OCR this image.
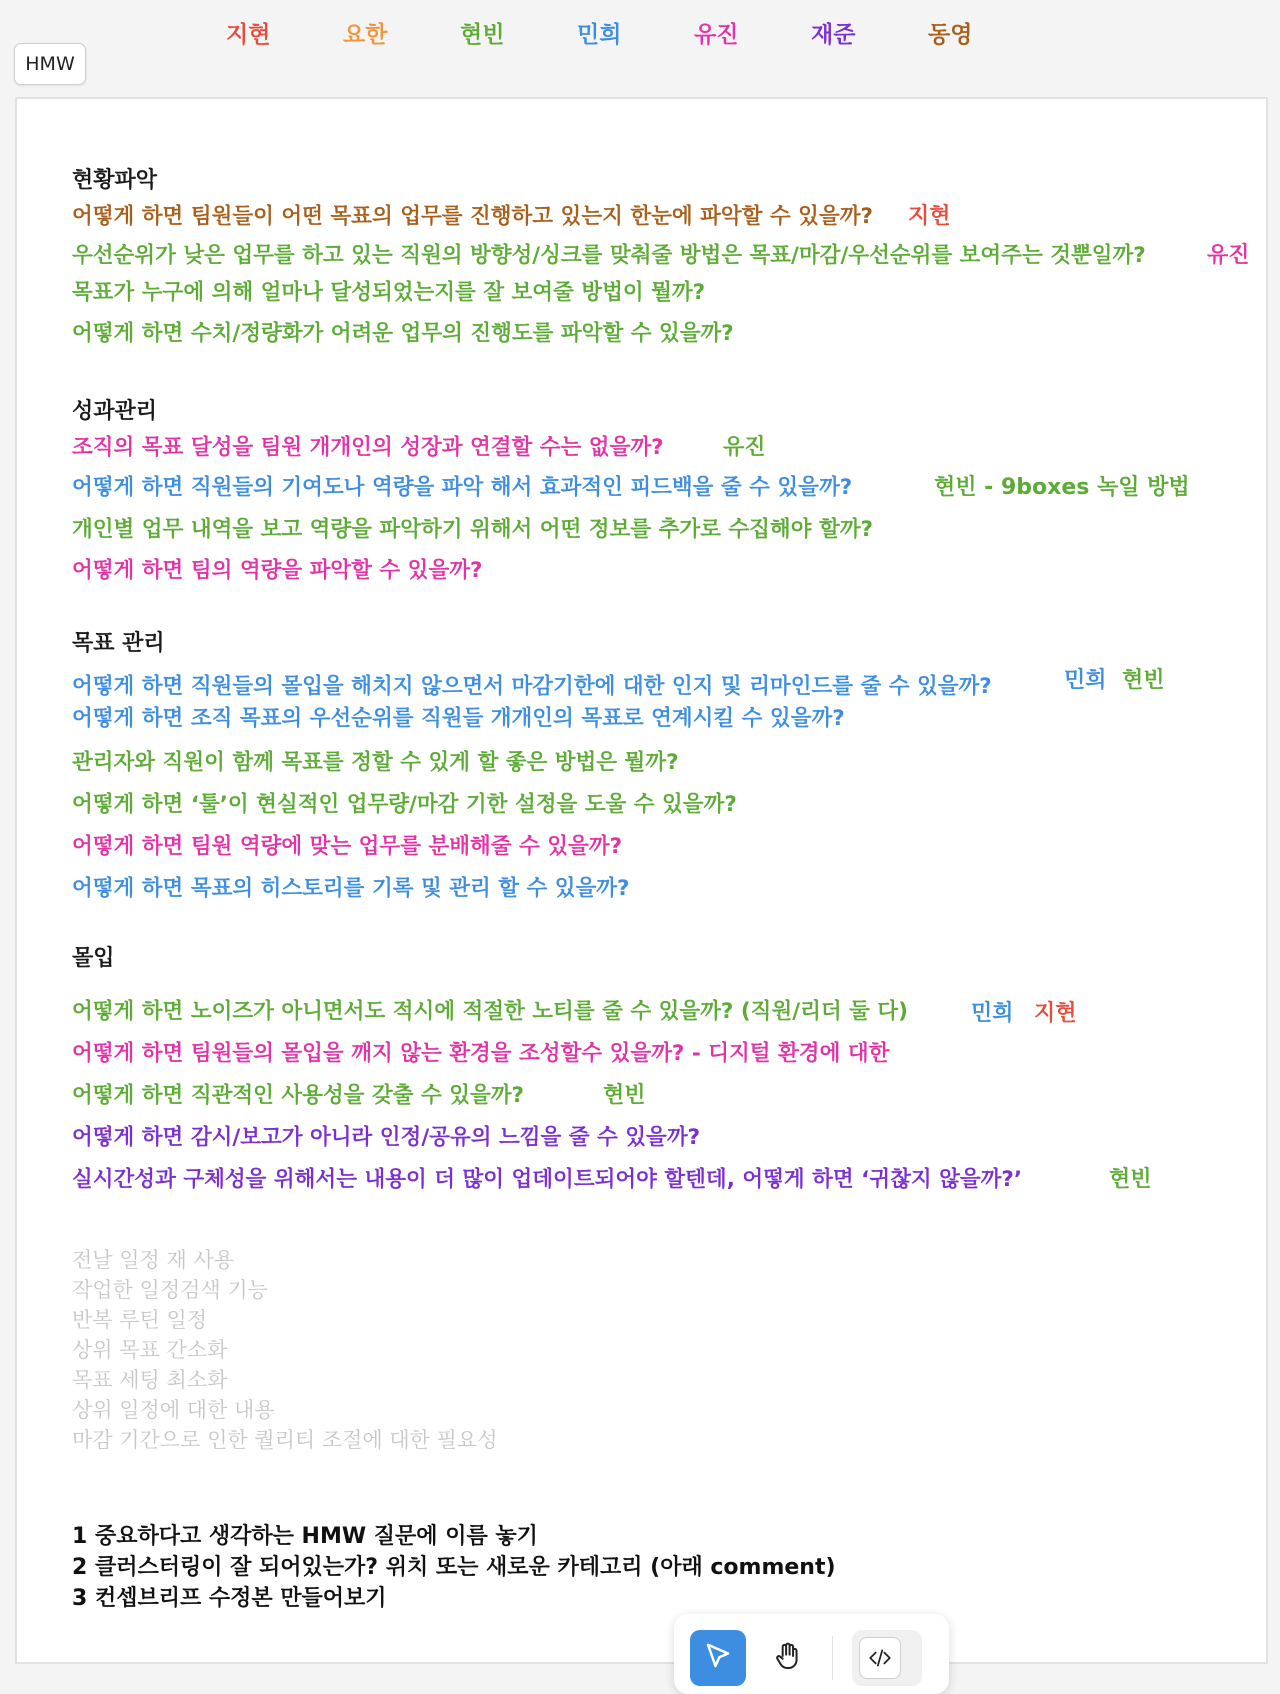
지현	요한	현빈	민희	유진	재준	동영
HMW
현황파악
어떻게 하면 팀원들이 어떤 목표의 업무를 진행하고 있는지 한눈에 파악할 수 있을까? 지현
우선순위가 낮은 업무를 하고 있는 직원의 방향성/싱크를 맞춰줄 방법은 목표/마감/우선순위를 보여주는 것뿐일까?	유진
목표가 누구에 의해 얼마나 달성되었는지를 잘 보여줄 방법이 뭘까?
어떻게 하면 수치/정량화가 어려운 업무의 진행도를 파악할 수 있을까?
성과관리
조직의 목표 달성을 팀원 개개인의 성장과 연결할 수는 없을까?	유진
어떻게 하면 직원들의 기여도나 역량을 파악 해서 효과적인 피드백을 줄 수 있을까?	현빈 - 9boxes 녹일 방법
개인별 업무 내역을 보고 역량을 파악하기 위해서 어떤 정보를 추가로 수집해야 할까?
어떻게 하면 팀의 역량을 파악할 수 있을까?
목표 관리
어떻게 하면 직원들의 몰입을 해치지 않으면서 마감기한에 대한 인지 및 리마인드를 줄 수 있을까?	민희 현빈
어떻게 하면 조직 목표의 우선순위를 직원들 개개인의 목표로 연계시킬 수 있을까?
관리자와 직원이 함께 목표를 정할 수 있게 할 좋은 방법은 뭘까?
어떻게 하면 ‘툴’이 현실적인 업무량/마감 기한 설정을 도울 수 있을까?
어떻게 하면 팀원 역량에 맞는 업무를 분배해줄 수 있을까?
어떻게 하면 목표의 히스토리를 기록 및 관리 할 수 있을까?
몰입
어떻게 하면 노이즈가 아니면서도 적시에 적절한 노티를 줄 수 있을까? (직원/리더 둘 다)	민희 지현
어떻게 하면 팀원들의 몰입을 깨지 않는 환경을 조성할수 있을까? - 디지털 환경에 대한
어떻게 하면 직관적인 사용성을 갖출 수 있을까?	현빈
어떻게 하면 감시/보고가 아니라 인정/공유의 느낌을 줄 수 있을까?
실시간성과 구체성을 위해서는 내용이 더 많이 업데이트되어야 할텐데, 어떻게 하면 ‘귀찮지 않을까?’	현빈
전날 일정 재 사용
작업한 일정검색 기능
반복 루틴 일정
상위 목표 간소화
목표 세팅 최소화
상위 일정에 대한 내용
마감 기간으로 인한 퀄리티 조절에 대한 필요성
1 중요하다고 생각하는 HMW 질문에 이름 놓기
2 클러스터링이 잘 되어있는가? 위치 또는 새로운 카테고리 (아래 comment)
3 컨셉브리프 수정본 만들어보기
